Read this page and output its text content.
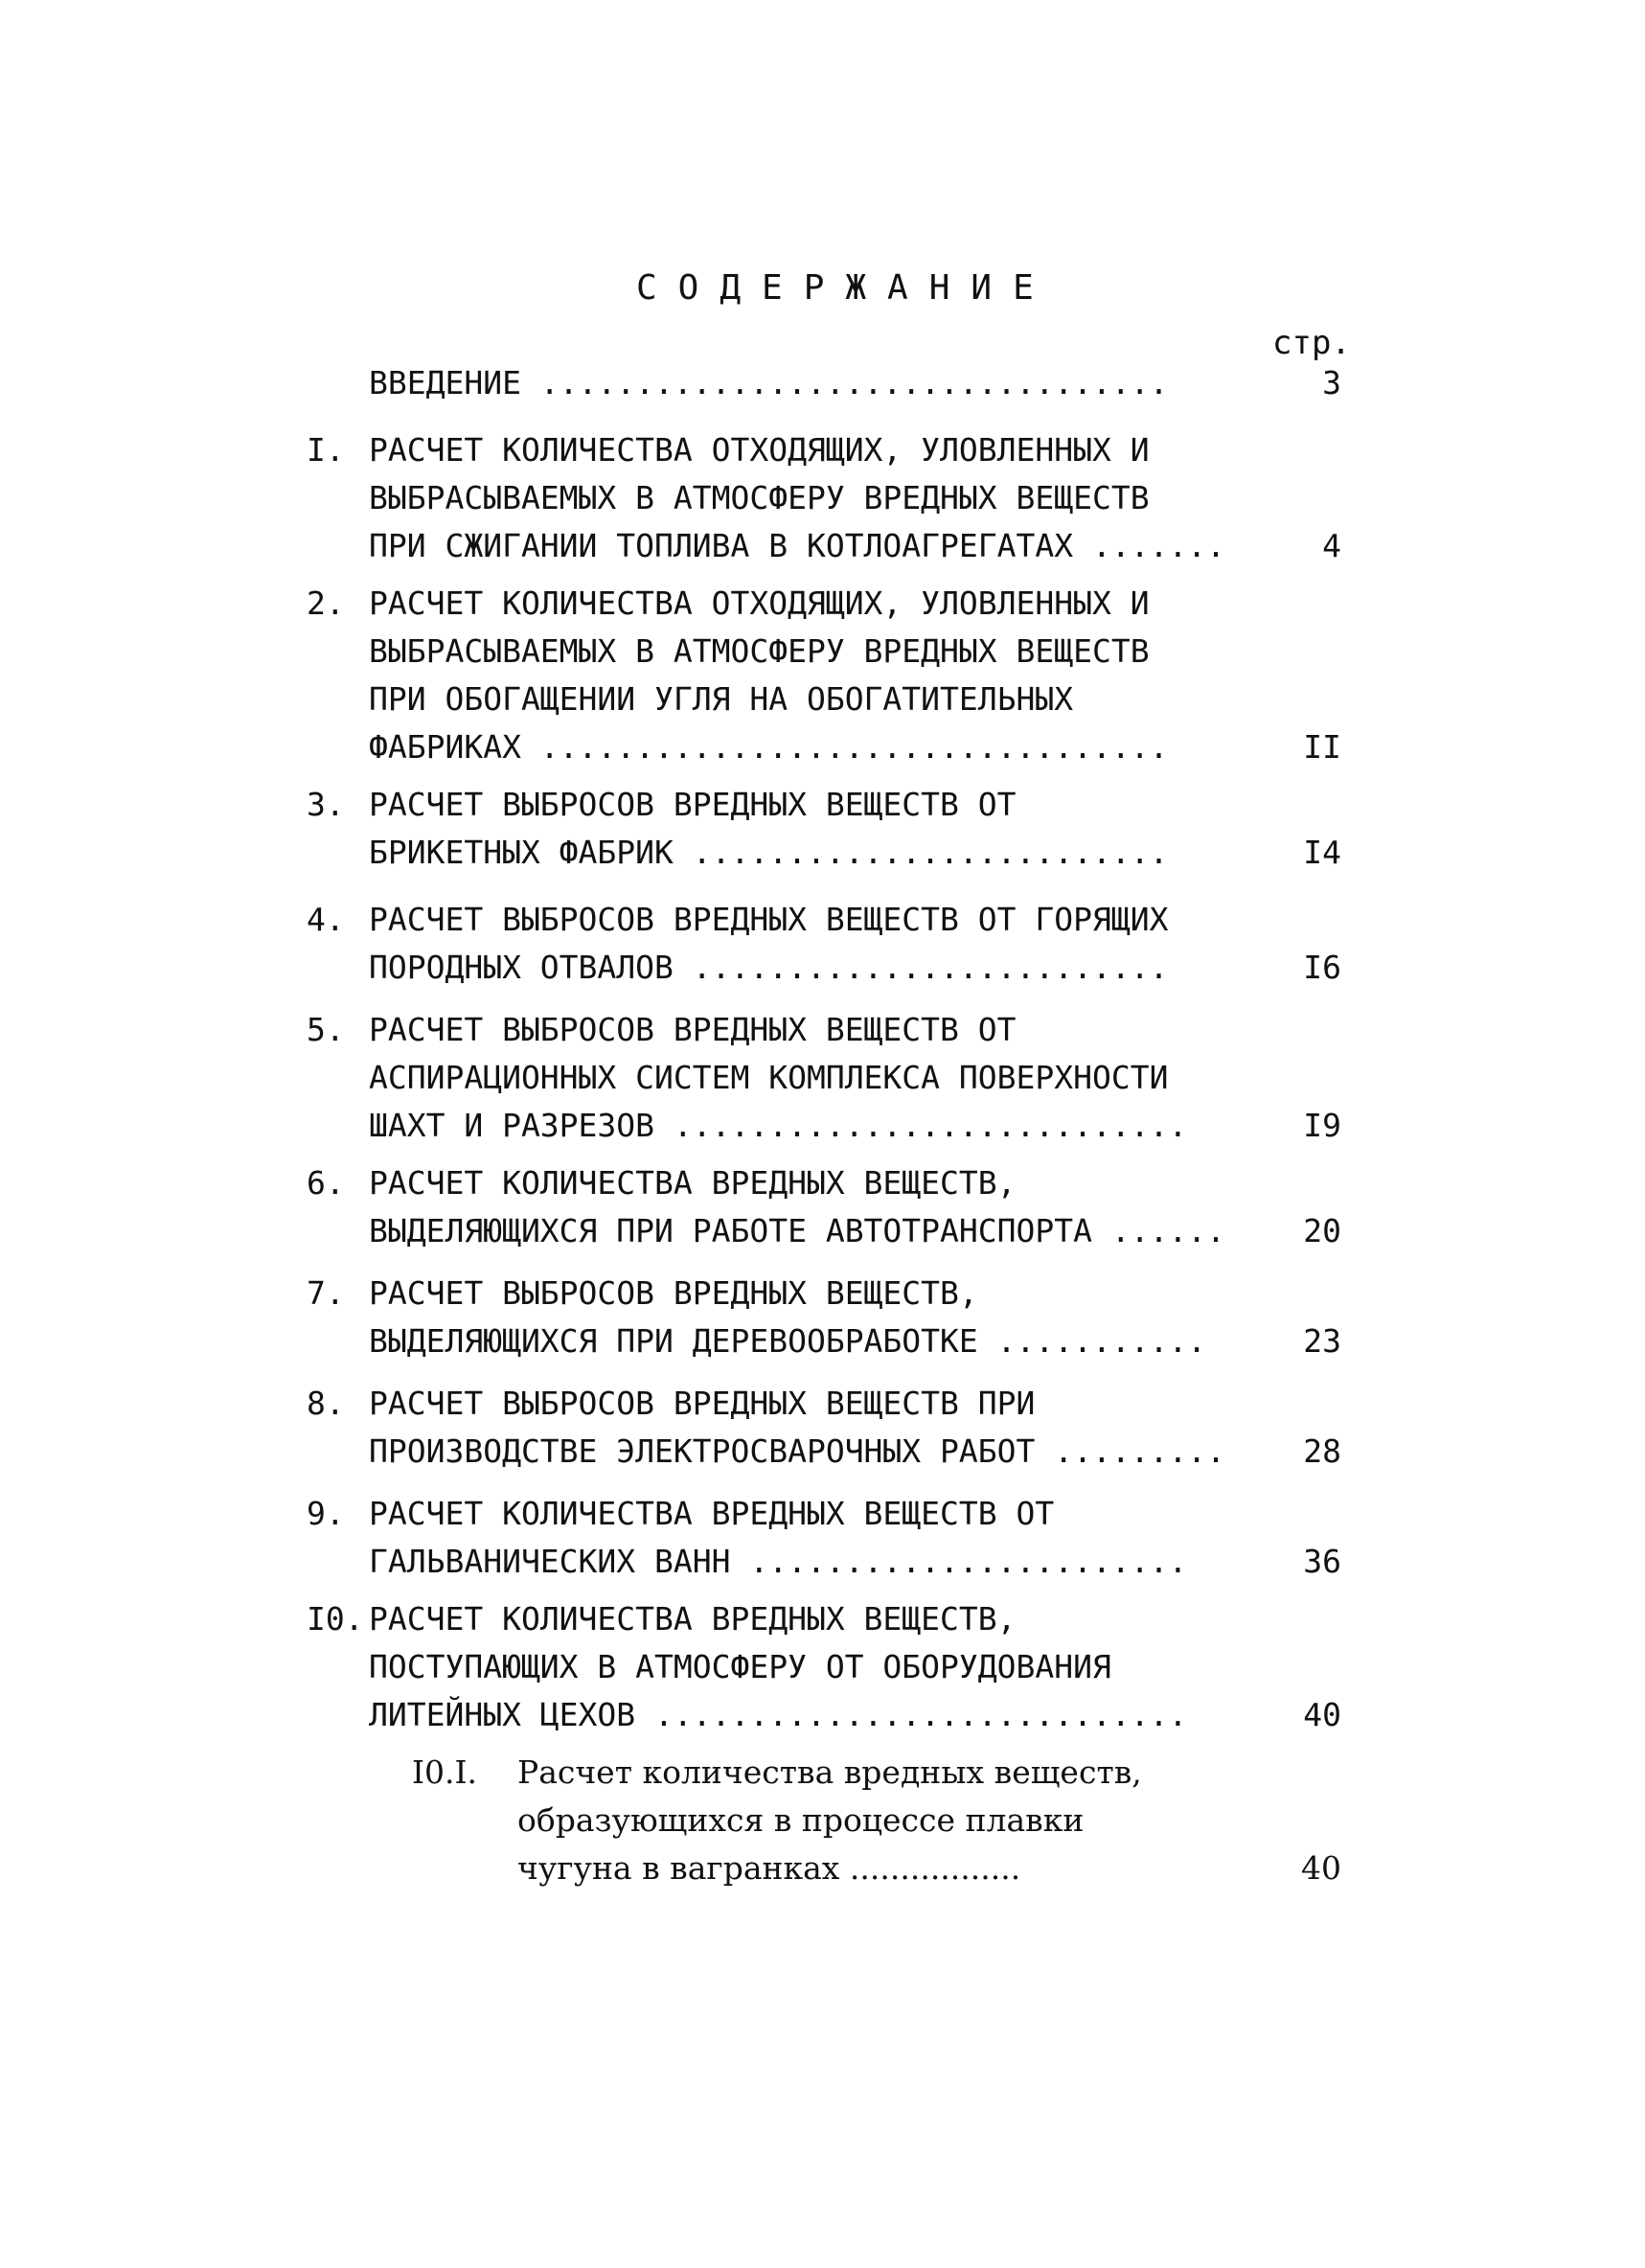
СОДЕРЖАНИЕ
стр.
ВВЕДЕНИЕ .................................	3
I. РАСЧЕТ КОЛИЧЕСТВА ОТХОДЯЩИХ, УЛОВЛЕННЫХ И
ВЫБРАСЫВАЕМЫХ В АТМОСФЕРУ ВРЕДНЫХ ВЕЩЕСТВ
ПРИ СЖИГАНИИ ТОПЛИВА В КОТЛОАГРЕГАТАХ .......	4
2. РАСЧЕТ КОЛИЧЕСТВА ОТХОДЯЩИХ, УЛОВЛЕННЫХ И
ВЫБРАСЫВАЕМЫХ В АТМОСФЕРУ ВРЕДНЫХ ВЕЩЕСТВ
ПРИ ОБОГАЩЕНИИ УГЛЯ НА ОБОГАТИТЕЛЬНЫХ
ФАБРИКАХ .................................	II
3. РАСЧЕТ ВЫБРОСОВ ВРЕДНЫХ ВЕЩЕСТВ ОТ
БРИКЕТНЫХ ФАБРИК .........................	I4
4. РАСЧЕТ ВЫБРОСОВ ВРЕДНЫХ ВЕЩЕСТВ ОТ ГОРЯЩИХ
ПОРОДНЫХ ОТВАЛОВ .........................	I6
5. РАСЧЕТ ВЫБРОСОВ ВРЕДНЫХ ВЕЩЕСТВ ОТ
АСПИРАЦИОННЫХ СИСТЕМ КОМПЛЕКСА ПОВЕРХНОСТИ
ШАХТ И РАЗРЕЗОВ ...........................	I9
6. РАСЧЕТ КОЛИЧЕСТВА ВРЕДНЫХ ВЕЩЕСТВ,
ВЫДЕЛЯЮЩИХСЯ ПРИ РАБОТЕ АВТОТРАНСПОРТА ......	20
7. РАСЧЕТ ВЫБРОСОВ ВРЕДНЫХ ВЕЩЕСТВ,
ВЫДЕЛЯЮЩИХСЯ ПРИ ДЕРЕВООБРАБОТКЕ ...........	23
8. РАСЧЕТ ВЫБРОСОВ ВРЕДНЫХ ВЕЩЕСТВ ПРИ
ПРОИЗВОДСТВЕ ЭЛЕКТРОСВАРОЧНЫХ РАБОТ .........	28
9. РАСЧЕТ КОЛИЧЕСТВА ВРЕДНЫХ ВЕЩЕСТВ ОТ
ГАЛЬВАНИЧЕСКИХ ВАНН .......................	36
I0. РАСЧЕТ КОЛИЧЕСТВА ВРЕДНЫХ ВЕЩЕСТВ,
ПОСТУПАЮЩИХ В АТМОСФЕРУ ОТ ОБОРУДОВАНИЯ
ЛИТЕЙНЫХ ЦЕХОВ ............................	40
I0.I. Расчет количества вредных веществ,
образующихся в процессе плавки
чугуна в вагранках .................	40
